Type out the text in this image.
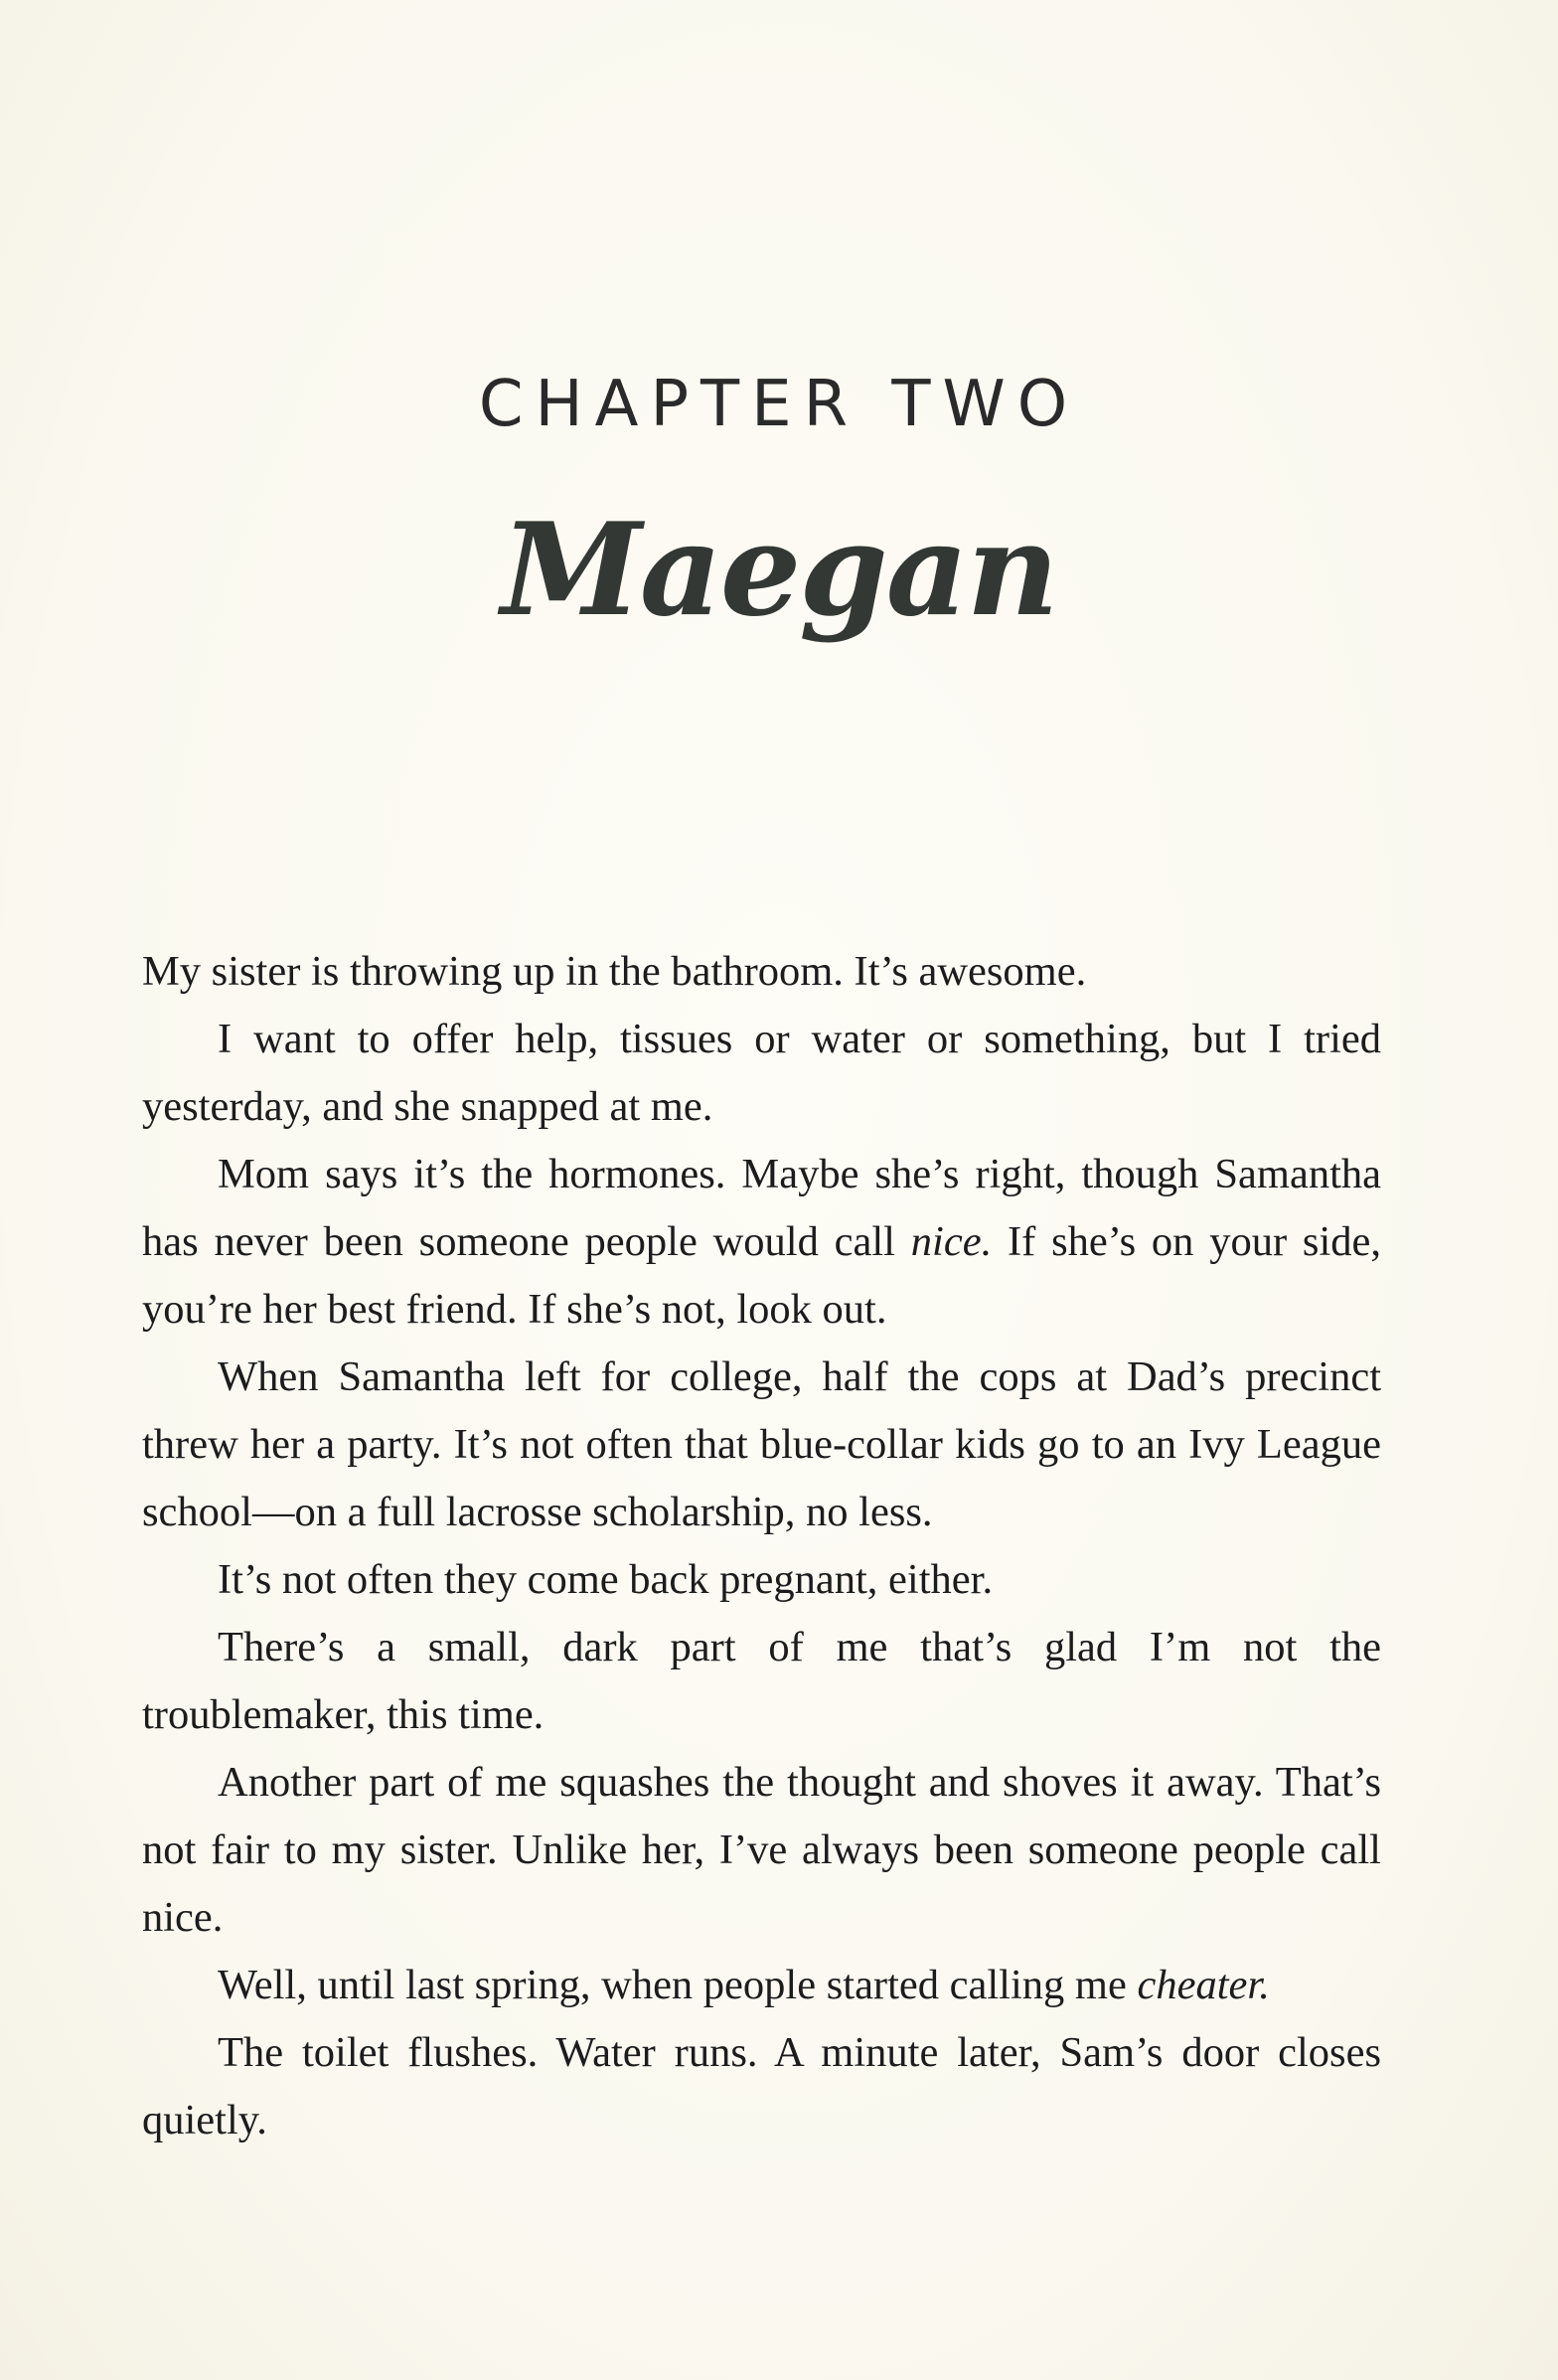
CHAPTER TWO
Maegan

My sister is throwing up in the bathroom. It’s awesome.

I want to offer help, tissues or water or something, but I tried yesterday, and she snapped at me.

Mom says it’s the hormones. Maybe she’s right, though Samantha has never been someone people would call nice. If she’s on your side, you’re her best friend. If she’s not, look out.

When Samantha left for college, half the cops at Dad’s precinct threw her a party. It’s not often that blue-collar kids go to an Ivy League school—on a full lacrosse scholarship, no less.

It’s not often they come back pregnant, either.

There’s a small, dark part of me that’s glad I’m not the troublemaker, this time.

Another part of me squashes the thought and shoves it away. That’s not fair to my sister. Unlike her, I’ve always been someone people call nice.

Well, until last spring, when people started calling me cheater.

The toilet flushes. Water runs. A minute later, Sam’s door closes quietly.
